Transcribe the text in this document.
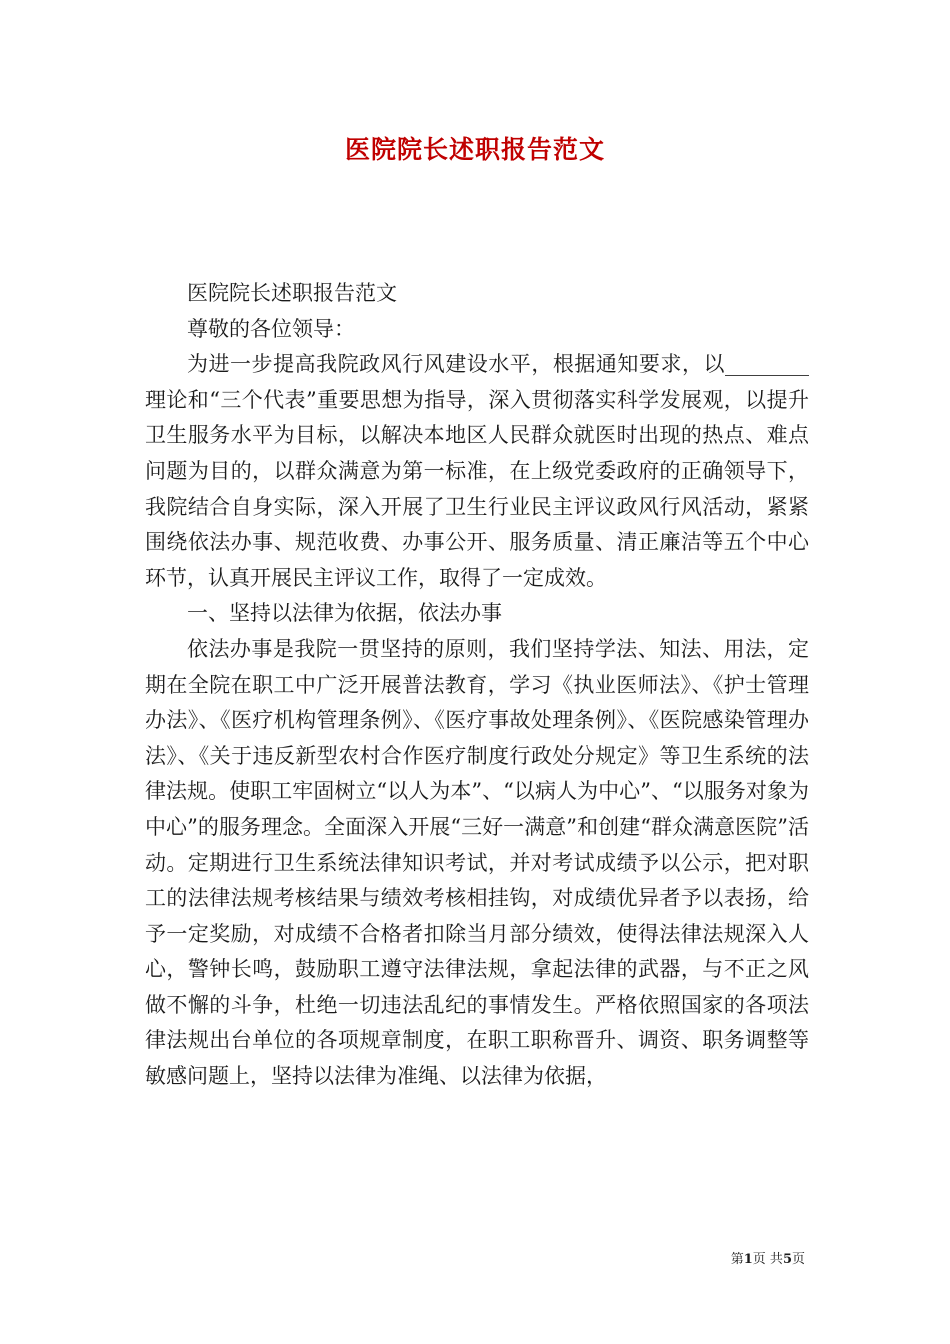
医院院长述职报告范文

医院院长述职报告范文

尊敬的各位领导：

为进一步提高我院政风行风建设水平，根据通知要求，以________理论和“三个代表”重要思想为指导，深入贯彻落实科学发展观，以提升卫生服务水平为目标，以解决本地区人民群众就医时出现的热点、难点问题为目的，以群众满意为第一标准，在上级党委政府的正确领导下，我院结合自身实际，深入开展了卫生行业民主评议政风行风活动，紧紧围绕依法办事、规范收费、办事公开、服务质量、清正廉洁等五个中心环节，认真开展民主评议工作，取得了一定成效。

一、坚持以法律为依据，依法办事

依法办事是我院一贯坚持的原则，我们坚持学法、知法、用法，定期在全院在职工中广泛开展普法教育，学习《执业医师法》、《护士管理办法》、《医疗机构管理条例》、《医疗事故处理条例》、《医院感染管理办法》、《关于违反新型农村合作医疗制度行政处分规定》等卫生系统的法律法规。使职工牢固树立“以人为本”、“以病人为中心”、“以服务对象为中心”的服务理念。全面深入开展“三好一满意”和创建“群众满意医院”活动。定期进行卫生系统法律知识考试，并对考试成绩予以公示，把对职工的法律法规考核结果与绩效考核相挂钩，对成绩优异者予以表扬，给予一定奖励，对成绩不合格者扣除当月部分绩效，使得法律法规深入人心，警钟长鸣，鼓励职工遵守法律法规，拿起法律的武器，与不正之风做不懈的斗争，杜绝一切违法乱纪的事情发生。严格依照国家的各项法律法规出台单位的各项规章制度，在职工职称晋升、调资、职务调整等敏感问题上，坚持以法律为准绳、以法律为依据，

第1页 共5页
